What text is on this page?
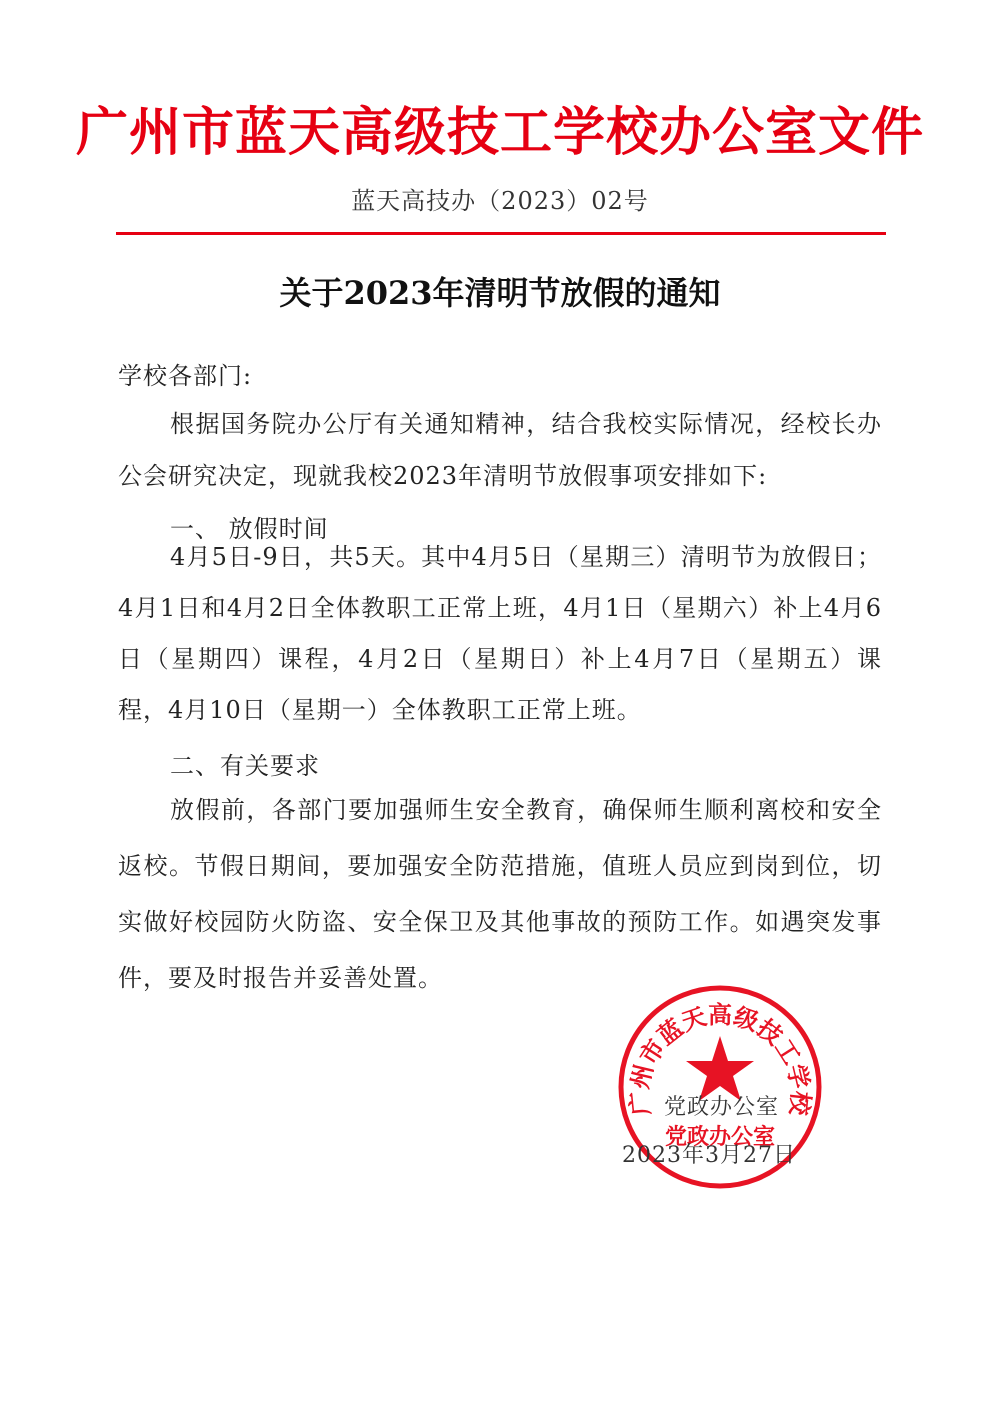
广州市蓝天高级技工学校办公室文件
蓝天高技办（2023）02号
关于2023年清明节放假的通知
学校各部门:
根据国务院办公厅有关通知精神，结合我校实际情况，经校长办公会研究决定，现就我校2023年清明节放假事项安排如下:
一、 放假时间
4月5日-9日，共5天。其中4月5日（星期三）清明节为放假日；4月1日和4月2日全体教职工正常上班，4月1日（星期六）补上4月6日（星期四）课程，4月2日（星期日）补上4月7日（星期五）课程，4月10日（星期一）全体教职工正常上班。
二、有关要求
放假前，各部门要加强师生安全教育，确保师生顺利离校和安全返校。节假日期间，要加强安全防范措施，值班人员应到岗到位，切实做好校园防火防盗、安全保卫及其他事故的预防工作。如遇突发事件，要及时报告并妥善处置。
广州市蓝天高级技工学校
党政办公室
党政办公室
2023年3月27日
